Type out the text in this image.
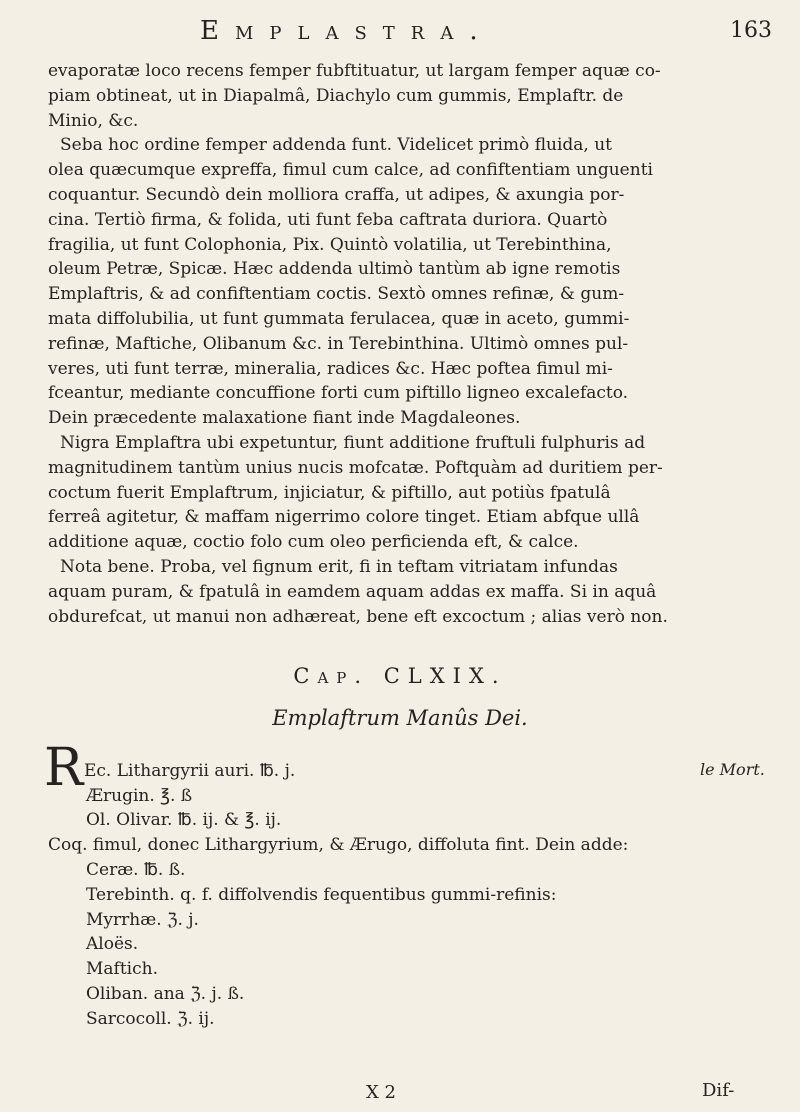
Emplastra.	163
evaporatæ loco recens femper fubftituatur, ut largam femper aquæ co-
piam obtineat, ut in Diapalmâ, Diachylo cum gummis, Emplaftr. de
Minio, &c.
Seba hoc ordine femper addenda funt. Videlicet primò fluida, ut
olea quæcumque expreffa, fimul cum calce, ad confiftentiam unguenti
coquantur. Secundò dein molliora craffa, ut adipes, & axungia por-
cina. Tertiò firma, & folida, uti funt feba caftrata duriora. Quartò
fragilia, ut funt Colophonia, Pix. Quintò volatilia, ut Terebinthina,
oleum Petræ, Spicæ. Hæc addenda ultimò tantùm ab igne remotis
Emplaftris, & ad confiftentiam coctis. Sextò omnes refinæ, & gum-
mata diffolubilia, ut funt gummata ferulacea, quæ in aceto, gummi-
refinæ, Maftiche, Olibanum &c. in Terebinthina. Ultimò omnes pul-
veres, uti funt terræ, mineralia, radices &c. Hæc poftea fimul mi-
fceantur, mediante concuffione forti cum piftillo ligneo excalefacto.
Dein præcedente malaxatione fiant inde Magdaleones.
Nigra Emplaftra ubi expetuntur, fiunt additione fruftuli fulphuris ad
magnitudinem tantùm unius nucis mofcatæ. Poftquàm ad duritiem per-
coctum fuerit Emplaftrum, injiciatur, & piftillo, aut potiùs fpatulâ
ferreâ agitetur, & maffam nigerrimo colore tinget. Etiam abfque ullâ
additione aquæ, coctio folo cum oleo perficienda eft, & calce.
Nota bene. Proba, vel fignum erit, fi in teftam vitriatam infundas
aquam puram, & fpatulâ in eamdem aquam addas ex maffa. Si in aquâ
obdurefcat, ut manui non adhæreat, bene eft excoctum ; alias verò non.
Cap. CLXIX.
Emplaftrum Manûs Dei.
R	le Mort.
Ec. Lithargyrii auri. ℔. j.
Ærugin. ℥. ß
Ol. Olivar. ℔. ij. & ℥. ij.
Coq. fimul, donec Lithargyrium, & Ærugo, diffoluta fint. Dein adde:
Ceræ. ℔. ß.
Terebinth. q. f. diffolvendis fequentibus gummi-refinis:
Myrrhæ. ℨ. j.
Aloës.
Maftich.
Oliban. ana ℨ. j. ß.
Sarcocoll. ℨ. ij.
X 2	Dif-
